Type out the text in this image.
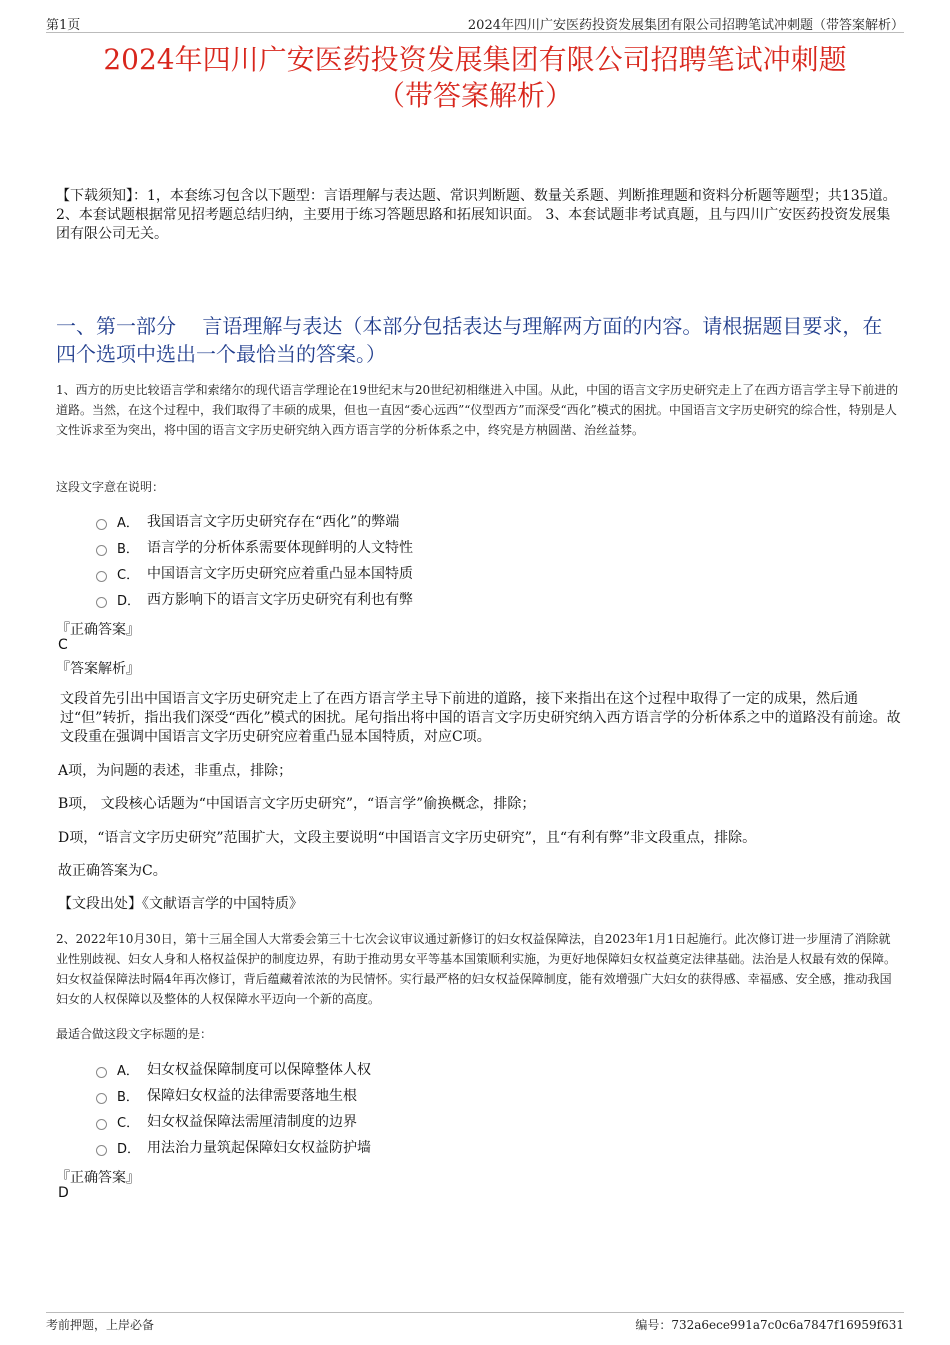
第1页	2024年四川广安医药投资发展集团有限公司招聘笔试冲刺题（带答案解析）
2024年四川广安医药投资发展集团有限公司招聘笔试冲刺题
（带答案解析）
【下载须知】：1，本套练习包含以下题型：言语理解与表达题、常识判断题、数量关系题、判断推理题和资料分析题等题型；共135道。 2、本套试题根据常见招考题总结归纳，主要用于练习答题思路和拓展知识面。 3、本套试题非考试真题，且与四川广安医药投资发展集团有限公司无关。
一、第一部分　 言语理解与表达（本部分包括表达与理解两方面的内容。请根据题目要求，在四个选项中选出一个最恰当的答案。）
1、西方的历史比较语言学和索绪尔的现代语言学理论在19世纪末与20世纪初相继进入中国。从此，中国的语言文字历史研究走上了在西方语言学主导下前进的道路。当然，在这个过程中，我们取得了丰硕的成果，但也一直因“委心远西”“仪型西方”而深受“西化”模式的困扰。中国语言文字历史研究的综合性，特别是人文性诉求至为突出，将中国的语言文字历史研究纳入西方语言学的分析体系之中，终究是方枘圆凿、治丝益棼。
这段文字意在说明：
A． 我国语言文字历史研究存在“西化”的弊端
B． 语言学的分析体系需要体现鲜明的人文特性
C． 中国语言文字历史研究应着重凸显本国特质
D． 西方影响下的语言文字历史研究有利也有弊
『正确答案』
C
『答案解析』
文段首先引出中国语言文字历史研究走上了在西方语言学主导下前进的道路，接下来指出在这个过程中取得了一定的成果，然后通过“但”转折，指出我们深受“西化”模式的困扰。尾句指出将中国的语言文字历史研究纳入西方语言学的分析体系之中的道路没有前途。故文段重在强调中国语言文字历史研究应着重凸显本国特质，对应C项。
A项，为问题的表述，非重点，排除；
B项， 文段核心话题为“中国语言文字历史研究”，“语言学”偷换概念，排除；
D项，“语言文字历史研究”范围扩大，文段主要说明“中国语言文字历史研究”，且“有利有弊”非文段重点，排除。
故正确答案为C。
【文段出处】《文献语言学的中国特质》
2、2022年10月30日，第十三届全国人大常委会第三十七次会议审议通过新修订的妇女权益保障法，自2023年1月1日起施行。此次修订进一步厘清了消除就业性别歧视、妇女人身和人格权益保护的制度边界，有助于推动男女平等基本国策顺利实施，为更好地保障妇女权益奠定法律基础。法治是人权最有效的保障。妇女权益保障法时隔4年再次修订，背后蕴藏着浓浓的为民情怀。实行最严格的妇女权益保障制度，能有效增强广大妇女的获得感、幸福感、安全感，推动我国妇女的人权保障以及整体的人权保障水平迈向一个新的高度。
最适合做这段文字标题的是：
A． 妇女权益保障制度可以保障整体人权
B． 保障妇女权益的法律需要落地生根
C． 妇女权益保障法需厘清制度的边界
D． 用法治力量筑起保障妇女权益防护墙
『正确答案』
D
考前押题，上岸必备	编号：732a6ece991a7c0c6a7847f16959f631
